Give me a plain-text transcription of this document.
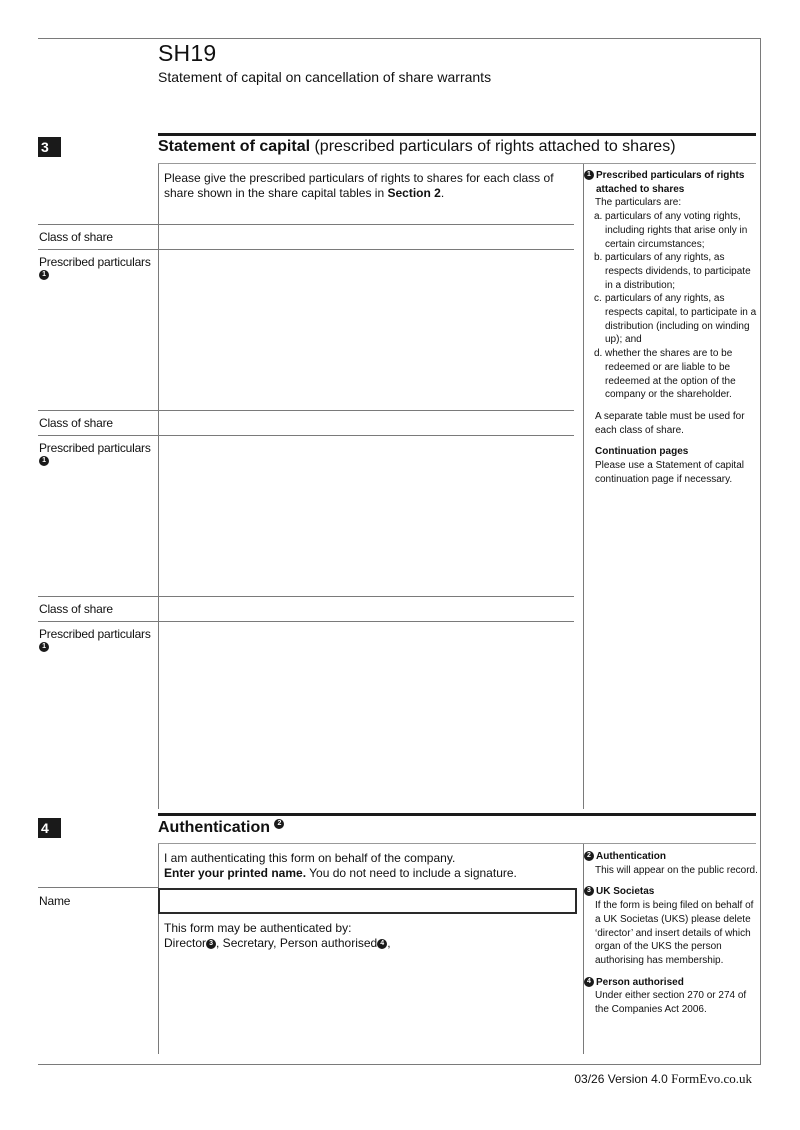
SH19
Statement of capital on cancellation of share warrants
3	Statement of capital (prescribed particulars of rights attached to shares)
Please give the prescribed particulars of rights to shares for each class of share shown in the share capital tables in Section 2.
Class of share
Prescribed particulars
1
Class of share
Prescribed particulars
1
Class of share
Prescribed particulars
1
1 Prescribed particulars of rights attached to shares
The particulars are:
a. particulars of any voting rights, including rights that arise only in certain circumstances;
b. particulars of any rights, as respects dividends, to participate in a distribution;
c. particulars of any rights, as respects capital, to participate in a distribution (including on winding up); and
d. whether the shares are to be redeemed or are liable to be redeemed at the option of the company or the shareholder.
A separate table must be used for each class of share.
Continuation pages
Please use a Statement of capital continuation page if necessary.
4	Authentication 2
I am authenticating this form on behalf of the company.
Enter your printed name. You do not need to include a signature.
Name
This form may be authenticated by:
Director 3 , Secretary, Person authorised 4 ,
2 Authentication
This will appear on the public record.
3 UK Societas
If the form is being filed on behalf of a UK Societas (UKS) please delete ‘director’ and insert details of which organ of the UKS the person authorising has membership.
4 Person authorised
Under either section 270 or 274 of the Companies Act 2006.
03/26 Version 4.0 FormEvo.co.uk
